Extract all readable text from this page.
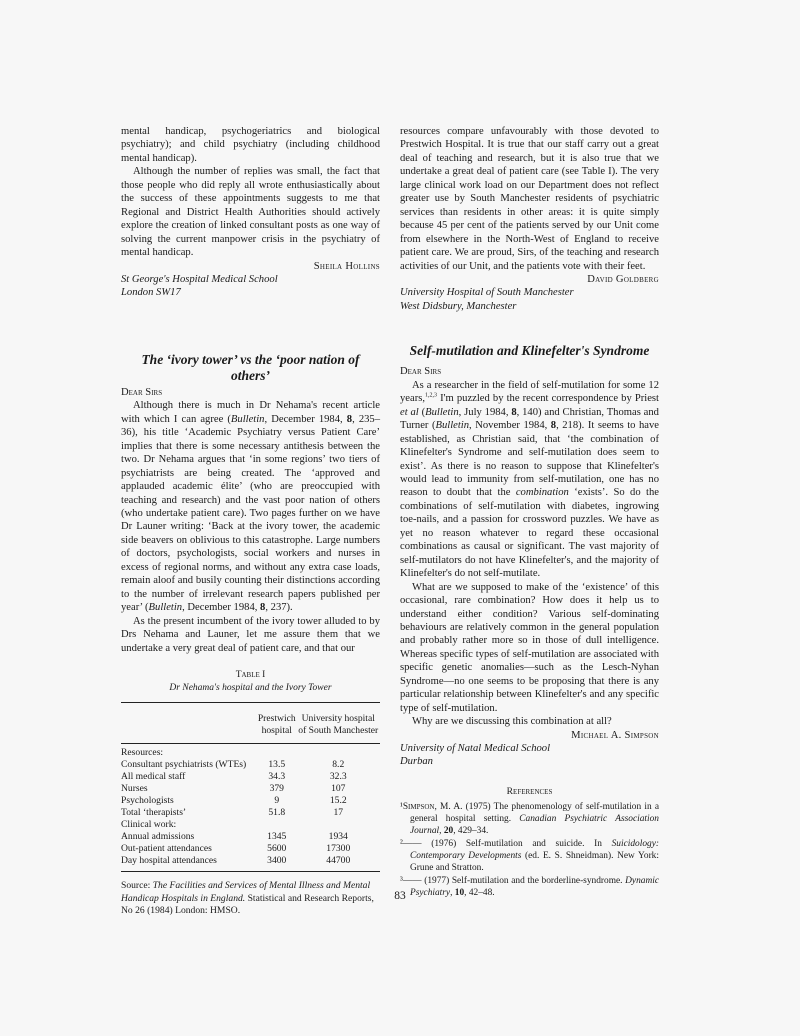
mental handicap, psychogeriatrics and biological psychiatry); and child psychiatry (including childhood mental handicap).

Although the number of replies was small, the fact that those people who did reply all wrote enthusiastically about the success of these appointments suggests to me that Regional and District Health Authorities should actively explore the creation of linked consultant posts as one way of solving the current manpower crisis in the psychiatry of mental handicap.

Sheila Hollins

St George's Hospital Medical School

London SW17

The ‘ivory tower’ vs the ‘poor nation of others’

Dear Sirs

Although there is much in Dr Nehama's recent article with which I can agree (Bulletin, December 1984, 8, 235–36), his title ‘Academic Psychiatry versus Patient Care’ implies that there is some necessary antithesis between the two. Dr Nehama argues that ‘in some regions’ two tiers of psychiatrists are being created. The ‘approved and applauded academic élite’ (who are preoccupied with teaching and research) and the vast poor nation of others (who undertake patient care). Two pages further on we have Dr Launer writing: ‘Back at the ivory tower, the academic side beavers on oblivious to this catastrophe. Large numbers of doctors, psychologists, social workers and nurses in excess of regional norms, and without any extra case loads, remain aloof and busily counting their distinctions according to the number of irrelevant research papers published per year’ (Bulletin, December 1984, 8, 237).

As the present incumbent of the ivory tower alluded to by Drs Nehama and Launer, let me assure them that we undertake a very great deal of patient care, and that our

Table I
Dr Nehama's hospital and the Ivory Tower
	Prestwich
hospital	University hospital
of South Manchester

Resources:		
Consultant psychiatrists (WTEs)	13.5	8.2
All medical staff	34.3	32.3
Nurses	379	107
Psychologists	9	15.2
Total ‘therapists’	51.8	17
Clinical work:		
Annual admissions	1345	1934
Out-patient attendances	5600	17300
Day hospital attendances	3400	44700

Source: The Facilities and Services of Mental Illness and Mental Handicap Hospitals in England. Statistical and Research Reports, No 26 (1984) London: HMSO.

resources compare unfavourably with those devoted to Prestwich Hospital. It is true that our staff carry out a great deal of teaching and research, but it is also true that we undertake a great deal of patient care (see Table I). The very large clinical work load on our Department does not reflect greater use by South Manchester residents of psychiatric services than residents in other areas: it is quite simply because 45 per cent of the patients served by our Unit come from elsewhere in the North-West of England to receive patient care. We are proud, Sirs, of the teaching and research activities of our Unit, and the patients vote with their feet.

David Goldberg

University Hospital of South Manchester

West Didsbury, Manchester

Self-mutilation and Klinefelter's Syndrome

Dear Sirs

As a researcher in the field of self-mutilation for some 12 years,$^{1,2,3}$ I'm puzzled by the recent correspondence by Priest et al (Bulletin, July 1984, 8, 140) and Christian, Thomas and Turner (Bulletin, November 1984, 8, 218). It seems to have established, as Christian said, that ‘the combination of Klinefelter's Syndrome and self-mutilation does seem to exist’. As there is no reason to suppose that Klinefelter's would lead to immunity from self-mutilation, one has no reason to doubt that the combination ‘exists’. So do the combinations of self-mutilation with diabetes, ingrowing toe-nails, and a passion for crossword puzzles. We have as yet no reason whatever to regard these occasional combinations as causal or significant. The vast majority of self-mutilators do not have Klinefelter's, and the majority of Klinefelter's do not self-mutilate.

What are we supposed to make of the ‘existence’ of this occasional, rare combination? How does it help us to understand either condition? Various self-dominating behaviours are relatively common in the general population and probably rather more so in those of dull intelligence. Whereas specific types of self-mutilation are associated with specific genetic anomalies—such as the Lesch-Nyhan Syndrome—no one seems to be proposing that there is any particular relationship between Klinefelter's and any specific type of self-mutilation.

Why are we discussing this combination at all?

Michael A. Simpson

University of Natal Medical School

Durban

References

¹Simpson, M. A. (1975) The phenomenology of self-mutilation in a general hospital setting. Canadian Psychiatric Association Journal, 20, 429–34.

²—— (1976) Self-mutilation and suicide. In Suicidology: Contemporary Developments (ed. E. S. Shneidman). New York: Grune and Stratton.

³—— (1977) Self-mutilation and the borderline-syndrome. Dynamic Psychiatry, 10, 42–48.

83
